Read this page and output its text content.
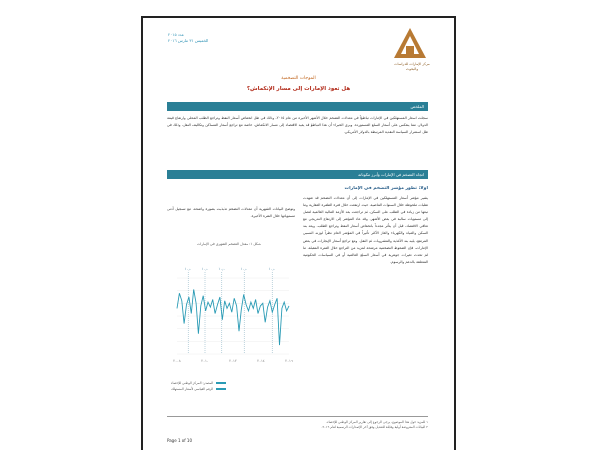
عدد ٢٠١٥
الخميس ٣١ مارس ٢٠١٦
مركز الإمارات للدراسات والبحوث
الموجات التضخمية
هل تعود الإمارات إلى مسار الإنكماش؟
الملخص
سجلت اسعار المستهلكين في الإمارات تباطؤاً في معدلات التضخم خلال الأشهر الأخيرة من عام ٢٠١٥، وذلك في ظل انخفاض أسعار النفط وتراجع الطلب المحلي وارتفاع قيمة الدولار، مما ينعكس على أسعار السلع المستوردة. ويرى الخبراء أن هذا التباطؤ قد يعيد الاقتصاد إلى مسار الانكماش، خاصة مع تراجع أسعار المساكن وتكاليف النقل، وذلك في ظل استمرار السياسة النقدية المرتبطة بالدولار الأمريكي.
اتجاه التضخم في الإمارات وأبرز مكوناته
أولاً: تطور مؤشر التضخم في الإمارات
يشير مؤشر أسعار المستهلكين في الإمارات إلى أن معدلات التضخم قد شهدت تقلبات ملحوظة خلال السنوات الماضية، حيث ارتفعت خلال فترة الطفرة العقارية وما تبعها من زيادة في الطلب على السكن، ثم تراجعت بعد الأزمة المالية العالمية لتصل إلى مستويات سالبة في بعض الأشهر. وقد عاد المؤشر إلى الارتفاع التدريجي مع تعافي الاقتصاد، قبل أن يتأثر مجدداً بانخفاض أسعار النفط وتراجع الطلب. ويعد بند السكن والمياه والكهرباء والغاز الأكثر تأثيراً في المؤشر العام نظراً لوزنه النسبي المرتفع، يليه بند الأغذية والمشروبات ثم النقل. ومع تراجع أسعار الإيجارات في بعض الإمارات، فإن الضغوط التضخمية مرشحة لمزيد من التراجع خلال الفترة المقبلة، ما لم تحدث تغيرات جوهرية في أسعار السلع العالمية أو في السياسات الحكومية المتعلقة بالدعم والرسوم.
وتوضح البيانات الشهرية أن معدلات التضخم تذبذبت بصورة واضحة، مع تسجيل أدنى مستوياتها خلال الفترة الأخيرة.
شكل ١: معدل التضخم الشهري في الإمارات
١٠٫٠	١٠٫٠	١٠٫٠	١٠٫٠	١٠٫٠
٢٠٠٨	٢٠١٠	٢٠١٢	٢٠١٤	٢٠١٦
المصدر: المركز الوطني للإحصاء
الرقم القياسي لأسعار المستهلك
١ للمزيد حول هذا الموضوع، يرجى الرجوع إلى تقارير المركز الوطني للإحصاء.
٢ البيانات المعروضة أولية وقابلة للتعديل وفق آخر الإصدارات الرسمية لعام ٢٠١٦.
Page 1 of 10
